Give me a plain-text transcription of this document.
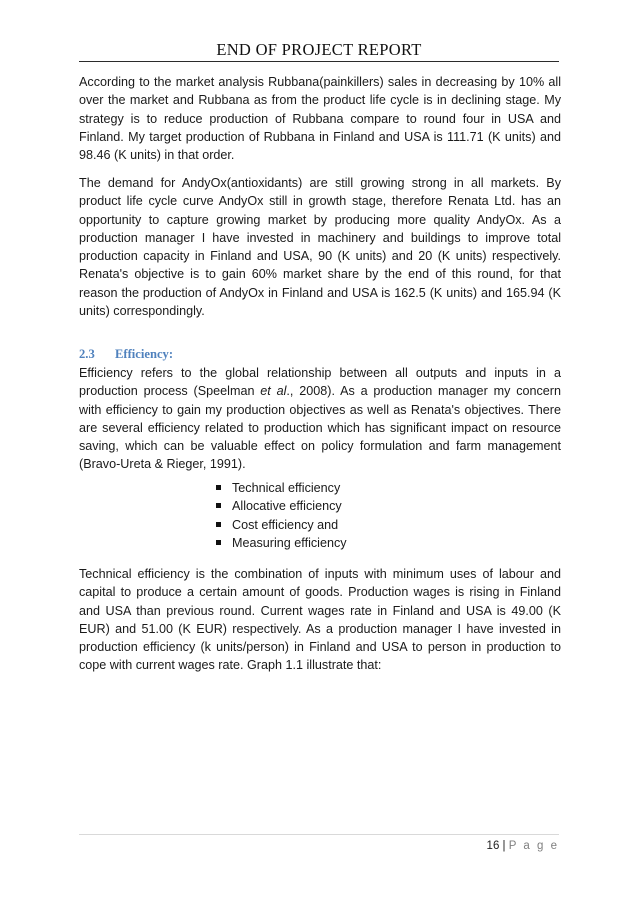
END OF PROJECT REPORT

According to the market analysis Rubbana(painkillers) sales in decreasing by 10% all over the market and Rubbana as from the product life cycle is in declining stage. My strategy is to reduce production of Rubbana compare to round four in USA and Finland. My target production of Rubbana in Finland and USA is 111.71 (K units) and 98.46 (K units) in that order.

The demand for AndyOx(antioxidants) are still growing strong in all markets. By product life cycle curve AndyOx still in growth stage, therefore Renata Ltd. has an opportunity to capture growing market by producing more quality AndyOx. As a production manager I have invested in machinery and buildings to improve total production capacity in Finland and USA, 90 (K units) and 20 (K units) respectively. Renata's objective is to gain 60% market share by the end of this round, for that reason the production of AndyOx in Finland and USA is 162.5 (K units) and 165.94 (K units) correspondingly.

2.3 Efficiency:

Efficiency refers to the global relationship between all outputs and inputs in a production process (Speelman et al., 2008). As a production manager my concern with efficiency to gain my production objectives as well as Renata's objectives. There are several efficiency related to production which has significant impact on resource saving, which can be valuable effect on policy formulation and farm management (Bravo-Ureta & Rieger, 1991).

Technical efficiency
Allocative efficiency
Cost efficiency and
Measuring efficiency

Technical efficiency is the combination of inputs with minimum uses of labour and capital to produce a certain amount of goods. Production wages is rising in Finland and USA than previous round. Current wages rate in Finland and USA is 49.00 (K EUR) and 51.00 (K EUR) respectively. As a production manager I have invested in production efficiency (k units/person) in Finland and USA to person in production to cope with current wages rate. Graph 1.1 illustrate that:

16 | P a g e
